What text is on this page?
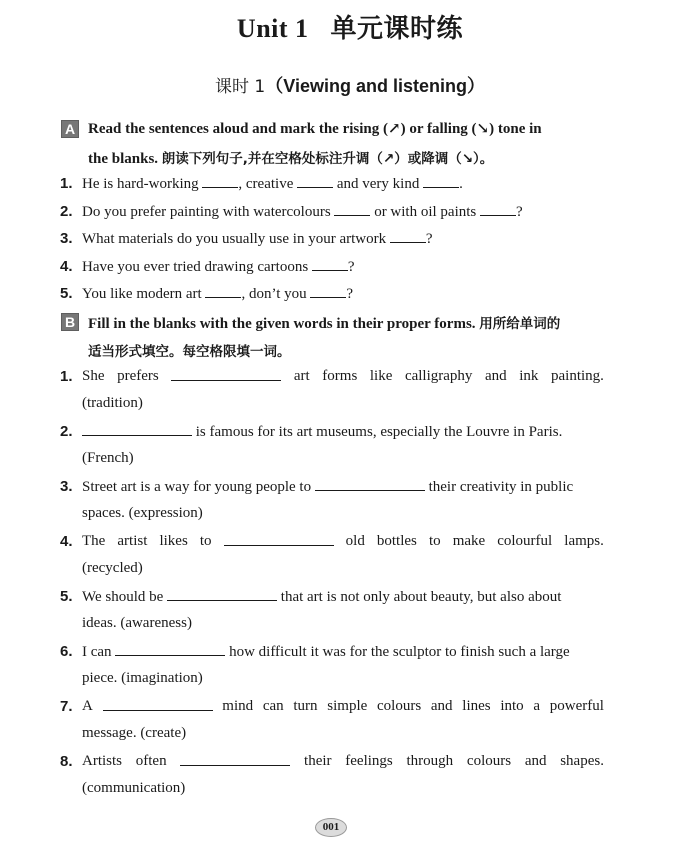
Unit 1 单元课时练
课时 1（Viewing and listening）
A Read the sentences aloud and mark the rising (↗) or falling (↘) tone in
the blanks. 朗读下列句子,并在空格处标注升调（↗）或降调（↘）。
1. He is hard-working , creative  and very kind .
2. Do you prefer painting with watercolours  or with oil paints ?
3. What materials do you usually use in your artwork ?
4. Have you ever tried drawing cartoons ?
5. You like modern art , don’t you ?
B Fill in the blanks with the given words in their proper forms. 用所给单词的
适当形式填空。每空格限填一词。
1. She prefers	art forms like calligraphy and ink painting.
(tradition)
2.	is famous for its art museums, especially the Louvre in Paris.
(French)
3. Street art is a way for young people to	their creativity in public
spaces. (expression)
4. The artist likes to	old bottles to make colourful lamps.
(recycled)
5. We should be	that art is not only about beauty, but also about
ideas. (awareness)
6. I can	how difficult it was for the sculptor to finish such a large
piece. (imagination)
7. A	mind can turn simple colours and lines into a powerful
message. (create)
8. Artists often	their feelings through colours and shapes.
(communication)
001
